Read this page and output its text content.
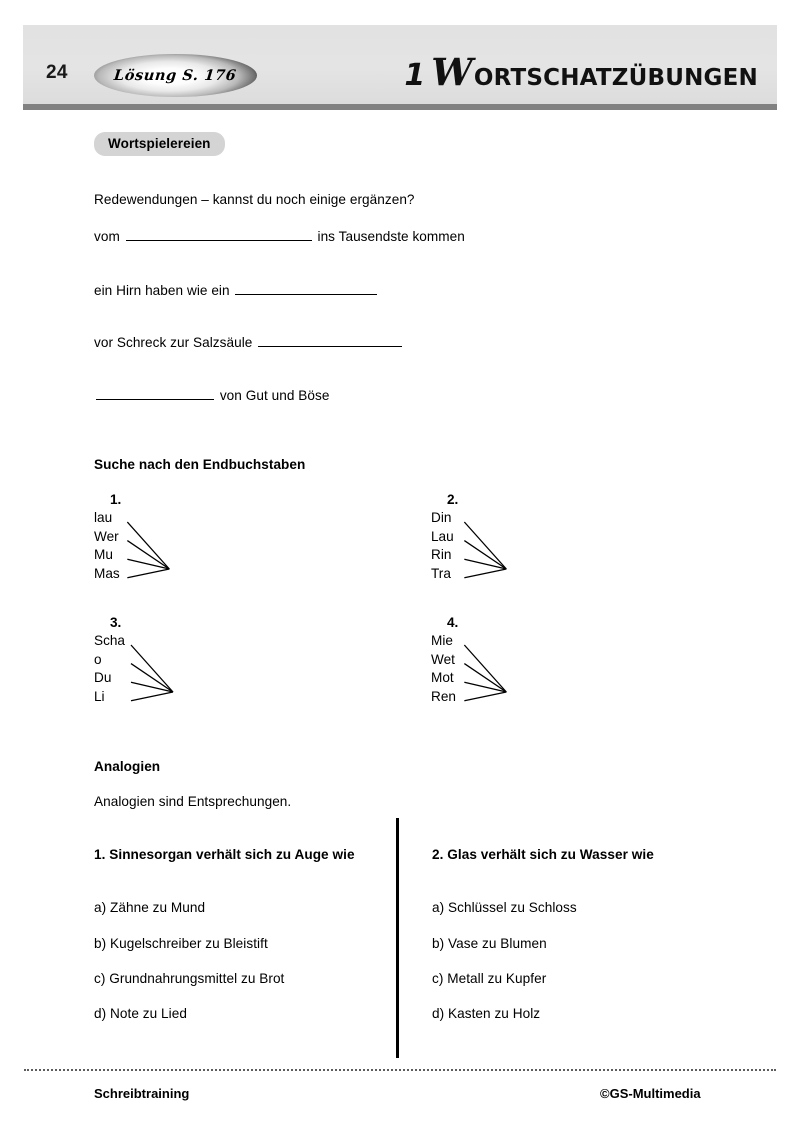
24	Lösung S. 176	1 W ORTSCHATZÜBUNGEN
Wortspielereien
Redewendungen – kannst du noch einige ergänzen?
vom	ins Tausendste kommen
ein Hirn haben wie ein
vor Schreck zur Salzsäule
von Gut und Böse
Suche nach den Endbuchstaben
1.
lau
Wer
Mu
Mas
2.
Din
Lau
Rin
Tra
3.
Scha
o
Du
Li
4.
Mie
Wet
Mot
Ren
Analogien
Analogien sind Entsprechungen.
1. Sinnesorgan verhält sich zu Auge wie
a) Zähne zu Mund
b) Kugelschreiber zu Bleistift
c) Grundnahrungsmittel zu Brot
d) Note zu Lied
2. Glas verhält sich zu Wasser wie
a) Schlüssel zu Schloss
b) Vase zu Blumen
c) Metall zu Kupfer
d) Kasten zu Holz
Schreibtraining	©GS-Multimedia
